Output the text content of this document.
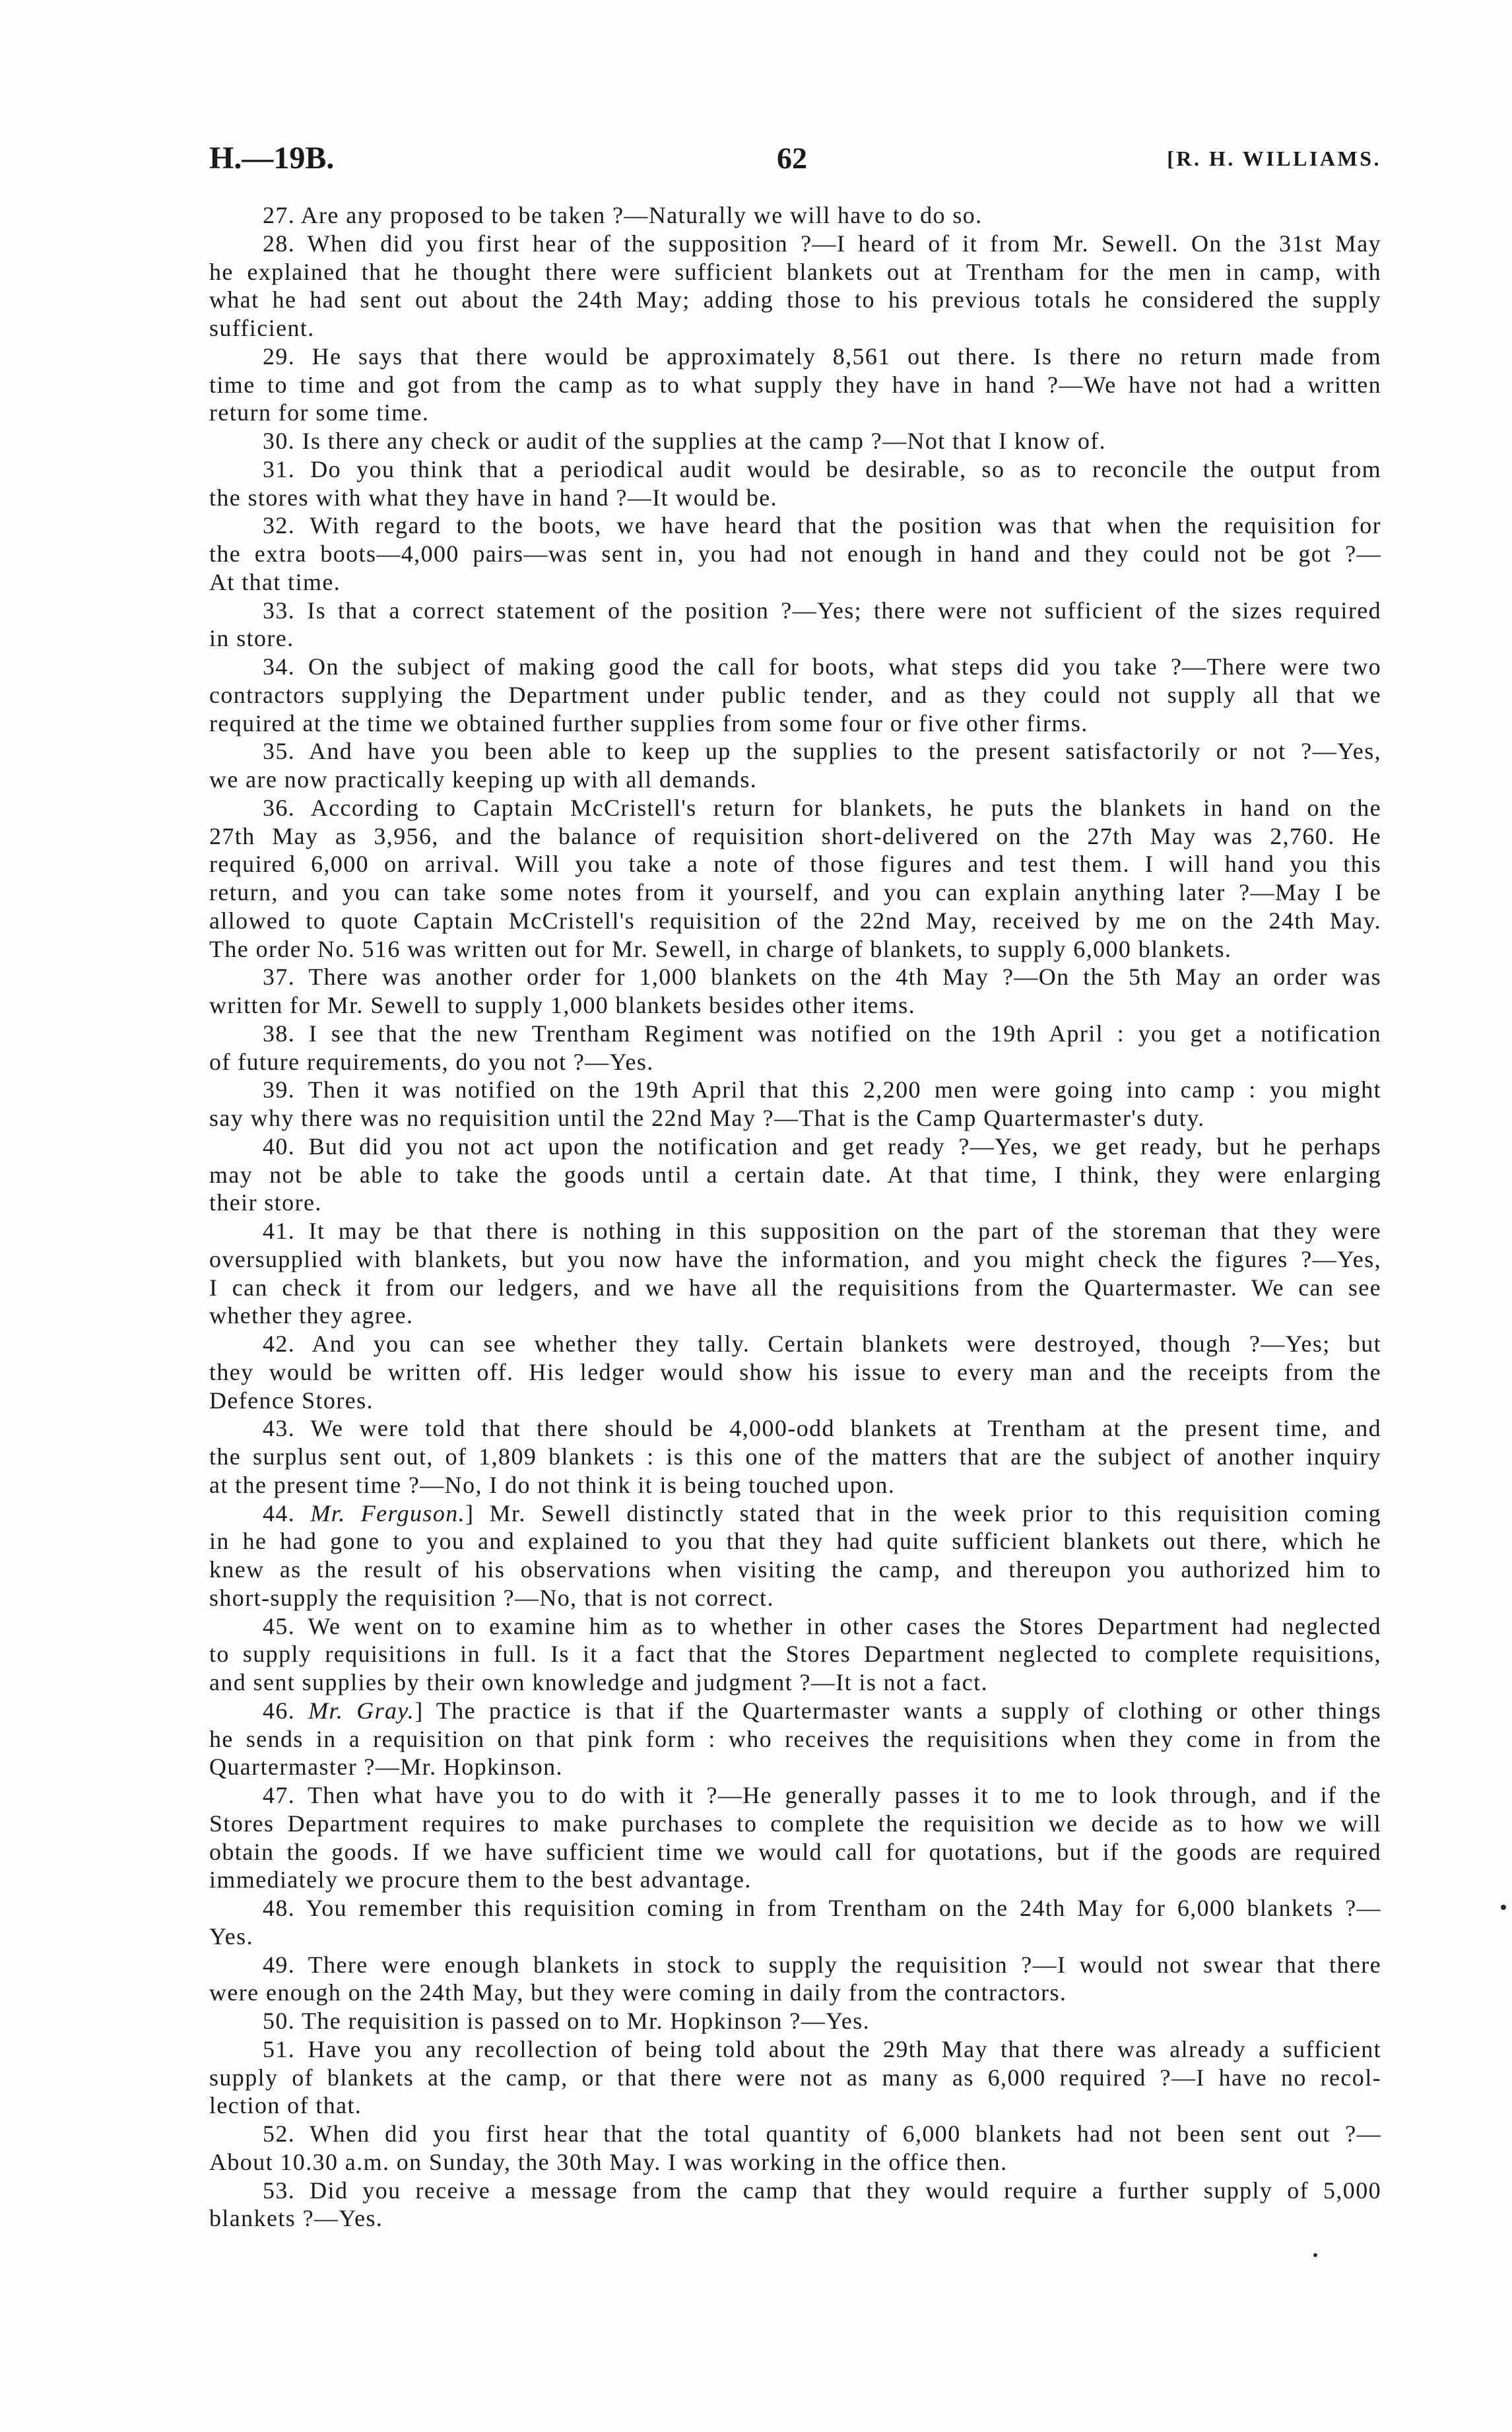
H.—19B.	62	[R. H. WILLIAMS.
27. Are any proposed to be taken ?—Naturally we will have to do so.
28. When did you first hear of the supposition ?—I heard of it from Mr. Sewell. On the 31st May
he explained that he thought there were sufficient blankets out at Trentham for the men in camp, with
what he had sent out about the 24th May; adding those to his previous totals he considered the supply
sufficient.
29. He says that there would be approximately 8,561 out there. Is there no return made from
time to time and got from the camp as to what supply they have in hand ?—We have not had a written
return for some time.
30. Is there any check or audit of the supplies at the camp ?—Not that I know of.
31. Do you think that a periodical audit would be desirable, so as to reconcile the output from
the stores with what they have in hand ?—It would be.
32. With regard to the boots, we have heard that the position was that when the requisition for
the extra boots—4,000 pairs—was sent in, you had not enough in hand and they could not be got ?—
At that time.
33. Is that a correct statement of the position ?—Yes; there were not sufficient of the sizes required
in store.
34. On the subject of making good the call for boots, what steps did you take ?—There were two
contractors supplying the Department under public tender, and as they could not supply all that we
required at the time we obtained further supplies from some four or five other firms.
35. And have you been able to keep up the supplies to the present satisfactorily or not ?—Yes,
we are now practically keeping up with all demands.
36. According to Captain McCristell's return for blankets, he puts the blankets in hand on the
27th May as 3,956, and the balance of requisition short-delivered on the 27th May was 2,760. He
required 6,000 on arrival. Will you take a note of those figures and test them. I will hand you this
return, and you can take some notes from it yourself, and you can explain anything later ?—May I be
allowed to quote Captain McCristell's requisition of the 22nd May, received by me on the 24th May.
The order No. 516 was written out for Mr. Sewell, in charge of blankets, to supply 6,000 blankets.
37. There was another order for 1,000 blankets on the 4th May ?—On the 5th May an order was
written for Mr. Sewell to supply 1,000 blankets besides other items.
38. I see that the new Trentham Regiment was notified on the 19th April : you get a notification
of future requirements, do you not ?—Yes.
39. Then it was notified on the 19th April that this 2,200 men were going into camp : you might
say why there was no requisition until the 22nd May ?—That is the Camp Quartermaster's duty.
40. But did you not act upon the notification and get ready ?—Yes, we get ready, but he perhaps
may not be able to take the goods until a certain date. At that time, I think, they were enlarging
their store.
41. It may be that there is nothing in this supposition on the part of the storeman that they were
oversupplied with blankets, but you now have the information, and you might check the figures ?—Yes,
I can check it from our ledgers, and we have all the requisitions from the Quartermaster. We can see
whether they agree.
42. And you can see whether they tally. Certain blankets were destroyed, though ?—Yes; but
they would be written off. His ledger would show his issue to every man and the receipts from the
Defence Stores.
43. We were told that there should be 4,000-odd blankets at Trentham at the present time, and
the surplus sent out, of 1,809 blankets : is this one of the matters that are the subject of another inquiry
at the present time ?—No, I do not think it is being touched upon.
44. Mr. Ferguson.] Mr. Sewell distinctly stated that in the week prior to this requisition coming
in he had gone to you and explained to you that they had quite sufficient blankets out there, which he
knew as the result of his observations when visiting the camp, and thereupon you authorized him to
short-supply the requisition ?—No, that is not correct.
45. We went on to examine him as to whether in other cases the Stores Department had neglected
to supply requisitions in full. Is it a fact that the Stores Department neglected to complete requisitions,
and sent supplies by their own knowledge and judgment ?—It is not a fact.
46. Mr. Gray.] The practice is that if the Quartermaster wants a supply of clothing or other things
he sends in a requisition on that pink form : who receives the requisitions when they come in from the
Quartermaster ?—Mr. Hopkinson.
47. Then what have you to do with it ?—He generally passes it to me to look through, and if the
Stores Department requires to make purchases to complete the requisition we decide as to how we will
obtain the goods. If we have sufficient time we would call for quotations, but if the goods are required
immediately we procure them to the best advantage.
48. You remember this requisition coming in from Trentham on the 24th May for 6,000 blankets ?—
Yes.
49. There were enough blankets in stock to supply the requisition ?—I would not swear that there
were enough on the 24th May, but they were coming in daily from the contractors.
50. The requisition is passed on to Mr. Hopkinson ?—Yes.
51. Have you any recollection of being told about the 29th May that there was already a sufficient
supply of blankets at the camp, or that there were not as many as 6,000 required ?—I have no recol-
lection of that.
52. When did you first hear that the total quantity of 6,000 blankets had not been sent out ?—
About 10.30 a.m. on Sunday, the 30th May. I was working in the office then.
53. Did you receive a message from the camp that they would require a further supply of 5,000
blankets ?—Yes.
